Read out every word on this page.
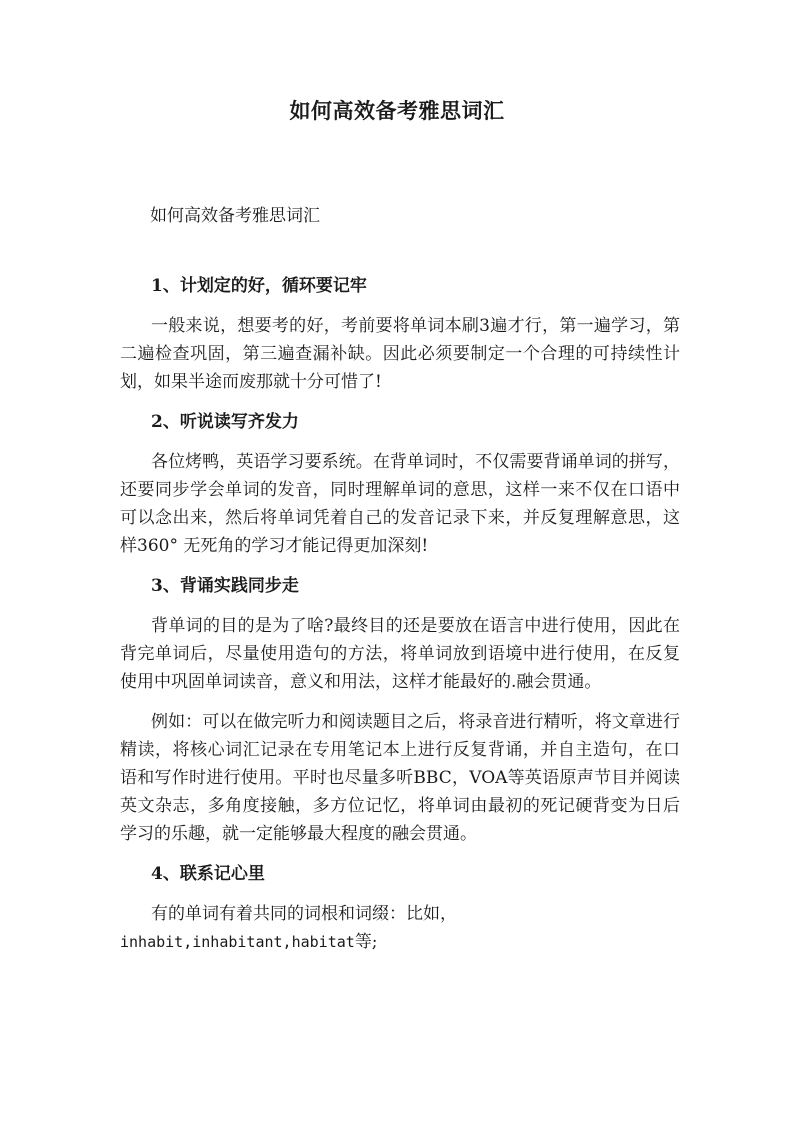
如何高效备考雅思词汇
如何高效备考雅思词汇
1、计划定的好，循环要记牢

一般来说，想要考的好，考前要将单词本刷3遍才行，第一遍学习，第二遍检查巩固，第三遍查漏补缺。因此必须要制定一个合理的可持续性计划，如果半途而废那就十分可惜了!

2、听说读写齐发力

各位烤鸭，英语学习要系统。在背单词时，不仅需要背诵单词的拼写，还要同步学会单词的发音，同时理解单词的意思，这样一来不仅在口语中可以念出来，然后将单词凭着自己的发音记录下来，并反复理解意思，这样360° 无死角的学习才能记得更加深刻!

3、背诵实践同步走

背单词的目的是为了啥?最终目的还是要放在语言中进行使用，因此在背完单词后，尽量使用造句的方法，将单词放到语境中进行使用，在反复使用中巩固单词读音，意义和用法，这样才能最好的.融会贯通。

例如：可以在做完听力和阅读题目之后，将录音进行精听，将文章进行精读，将核心词汇记录在专用笔记本上进行反复背诵，并自主造句，在口语和写作时进行使用。平时也尽量多听BBC，VOA等英语原声节目并阅读英文杂志，多角度接触，多方位记忆，将单词由最初的死记硬背变为日后学习的乐趣，就一定能够最大程度的融会贯通。

4、联系记心里

有的单词有着共同的词根和词缀：比如，

inhabit,inhabitant,habitat等;
